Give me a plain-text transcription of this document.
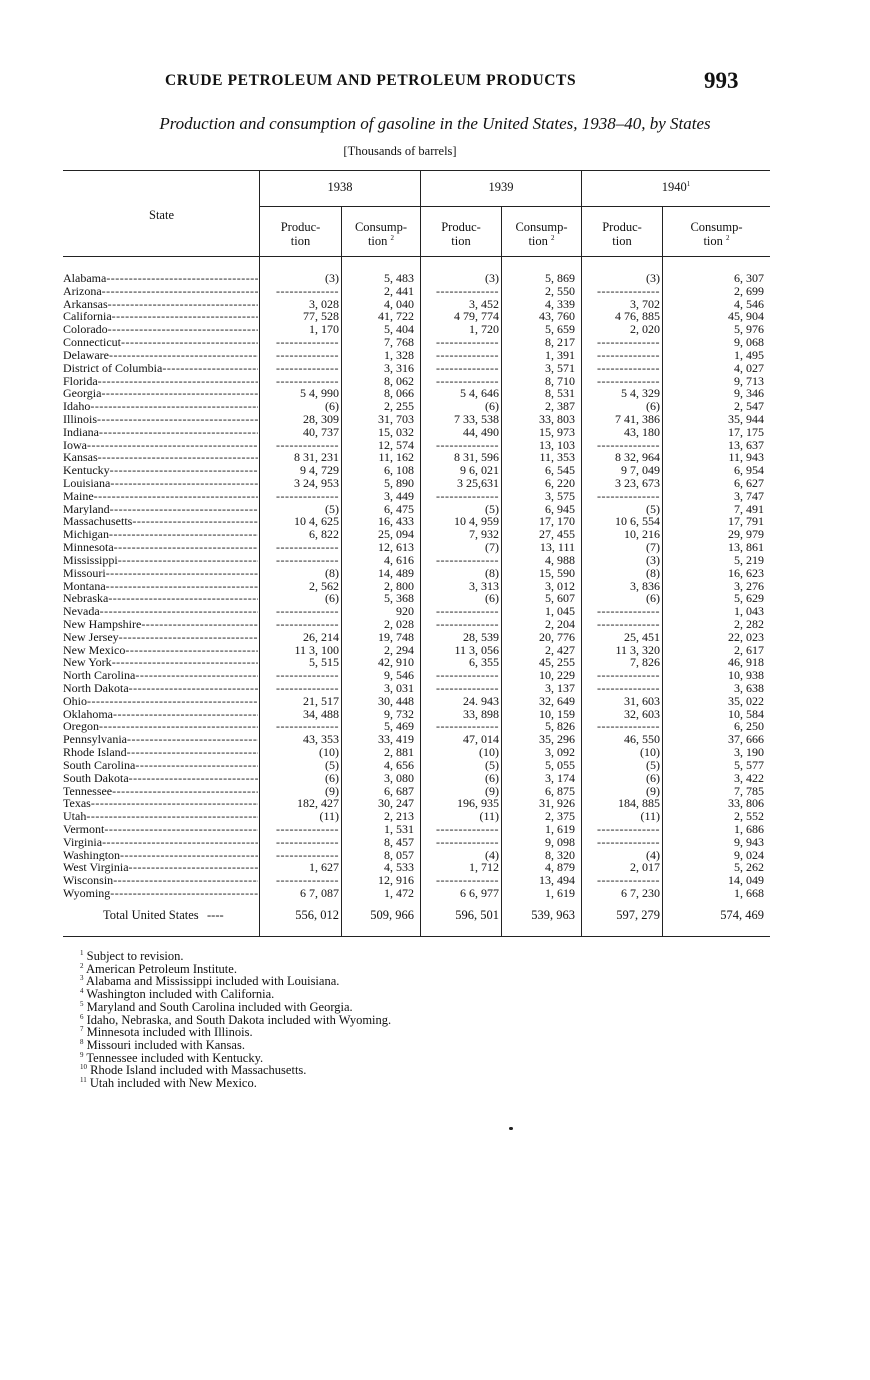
CRUDE PETROLEUM AND PETROLEUM PRODUCTS	993
Production and consumption of gasoline in the United States, 1938–40, by States
[Thousands of barrels]
State
1938	1939	1940$^1$
Produc-
tion
Consump-
tion $^2$
Produc-
tion
Consump-
tion $^2$
Produc-
tion
Consump-
tion $^2$
Alabama -----	(3)	5, 483	(3)	5, 869	(3)	6, 307
Arizona -----	--------------	2, 441 --------------	2, 550 --------------	2, 699
Arkansas -----	3, 028	4, 040	3, 452	4, 339	3, 702	4, 546
California -----	77, 528	41, 722	4 79, 774	43, 760	4 76, 885	45, 904
Colorado -----	1, 170	5, 404	1, 720	5, 659	2, 020	5, 976
Connecticut -----	--------------	7, 768 --------------	8, 217 --------------	9, 068
Delaware -----	--------------	1, 328 --------------	1, 391 --------------	1, 495
District of Columbia -----	--------------	3, 316 --------------	3, 571 --------------	4, 027
Florida -----	--------------	8, 062 --------------	8, 710 --------------	9, 713
Georgia -----	5 4, 990	8, 066	5 4, 646	8, 531	5 4, 329	9, 346
Idaho -----	(6)	2, 255	(6)	2, 387	(6)	2, 547
Illinois -----	28, 309	31, 703	7 33, 538	33, 803	7 41, 386	35, 944
Indiana -----	40, 737	15, 032	44, 490	15, 973	43, 180	17, 175
Iowa -----	--------------	12, 574 --------------	13, 103 --------------	13, 637
Kansas -----	8 31, 231	11, 162	8 31, 596	11, 353	8 32, 964	11, 943
Kentucky -----	9 4, 729	6, 108	9 6, 021	6, 545	9 7, 049	6, 954
Louisiana -----	3 24, 953	5, 890	3 25,631	6, 220	3 23, 673	6, 627
Maine -----	--------------	3, 449 --------------	3, 575 --------------	3, 747
Maryland -----	(5)	6, 475	(5)	6, 945	(5)	7, 491
Massachusetts -----	10 4, 625	16, 433	10 4, 959	17, 170	10 6, 554	17, 791
Michigan -----	6, 822	25, 094	7, 932	27, 455	10, 216	29, 979
Minnesota -----	--------------	12, 613	(7)	13, 111	(7)	13, 861
Mississippi -----	--------------	4, 616 --------------	4, 988	(3)	5, 219
Missouri -----	(8)	14, 489	(8)	15, 590	(8)	16, 623
Montana -----	2, 562	2, 800	3, 313	3, 012	3, 836	3, 276
Nebraska -----	(6)	5, 368	(6)	5, 607	(6)	5, 629
Nevada -----	--------------	920 --------------	1, 045 --------------	1, 043
New Hampshire -----	--------------	2, 028 --------------	2, 204 --------------	2, 282
New Jersey -----	26, 214	19, 748	28, 539	20, 776	25, 451	22, 023
New Mexico -----	11 3, 100	2, 294	11 3, 056	2, 427	11 3, 320	2, 617
New York -----	5, 515	42, 910	6, 355	45, 255	7, 826	46, 918
North Carolina -----	--------------	9, 546 --------------	10, 229 --------------	10, 938
North Dakota -----	--------------	3, 031 --------------	3, 137 --------------	3, 638
Ohio -----	21, 517	30, 448	24. 943	32, 649	31, 603	35, 022
Oklahoma -----	34, 488	9, 732	33, 898	10, 159	32, 603	10, 584
Oregon -----	--------------	5, 469 --------------	5, 826 --------------	6, 250
Pennsylvania -----	43, 353	33, 419	47, 014	35, 296	46, 550	37, 666
Rhode Island -----	(10)	2, 881	(10)	3, 092	(10)	3, 190
South Carolina -----	(5)	4, 656	(5)	5, 055	(5)	5, 577
South Dakota -----	(6)	3, 080	(6)	3, 174	(6)	3, 422
Tennessee -----	(9)	6, 687	(9)	6, 875	(9)	7, 785
Texas -----	182, 427	30, 247	196, 935	31, 926	184, 885	33, 806
Utah -----	(11)	2, 213	(11)	2, 375	(11)	2, 552
Vermont -----	--------------	1, 531 --------------	1, 619 --------------	1, 686
Virginia -----	--------------	8, 457 --------------	9, 098 --------------	9, 943
Washington -----	--------------	8, 057	(4)	8, 320	(4)	9, 024
West Virginia -----	1, 627	4, 533	1, 712	4, 879	2, 017	5, 262
Wisconsin -----	--------------	12, 916 --------------	13, 494 --------------	14, 049
Wyoming -----	6 7, 087	1, 472	6 6, 977	1, 619	6 7, 230	1, 668
Total United States ----	556, 012	509, 966	596, 501	539, 963	597, 279	574, 469
$^1$ Subject to revision.
$^2$ American Petroleum Institute.
$^3$ Alabama and Mississippi included with Louisiana.
$^4$ Washington included with California.
$^5$ Maryland and South Carolina included with Georgia.
$^6$ Idaho, Nebraska, and South Dakota included with Wyoming.
$^7$ Minnesota included with Illinois.
$^8$ Missouri included with Kansas.
$^9$ Tennessee included with Kentucky.
$^{10}$ Rhode Island included with Massachusetts.
$^{11}$ Utah included with New Mexico.
